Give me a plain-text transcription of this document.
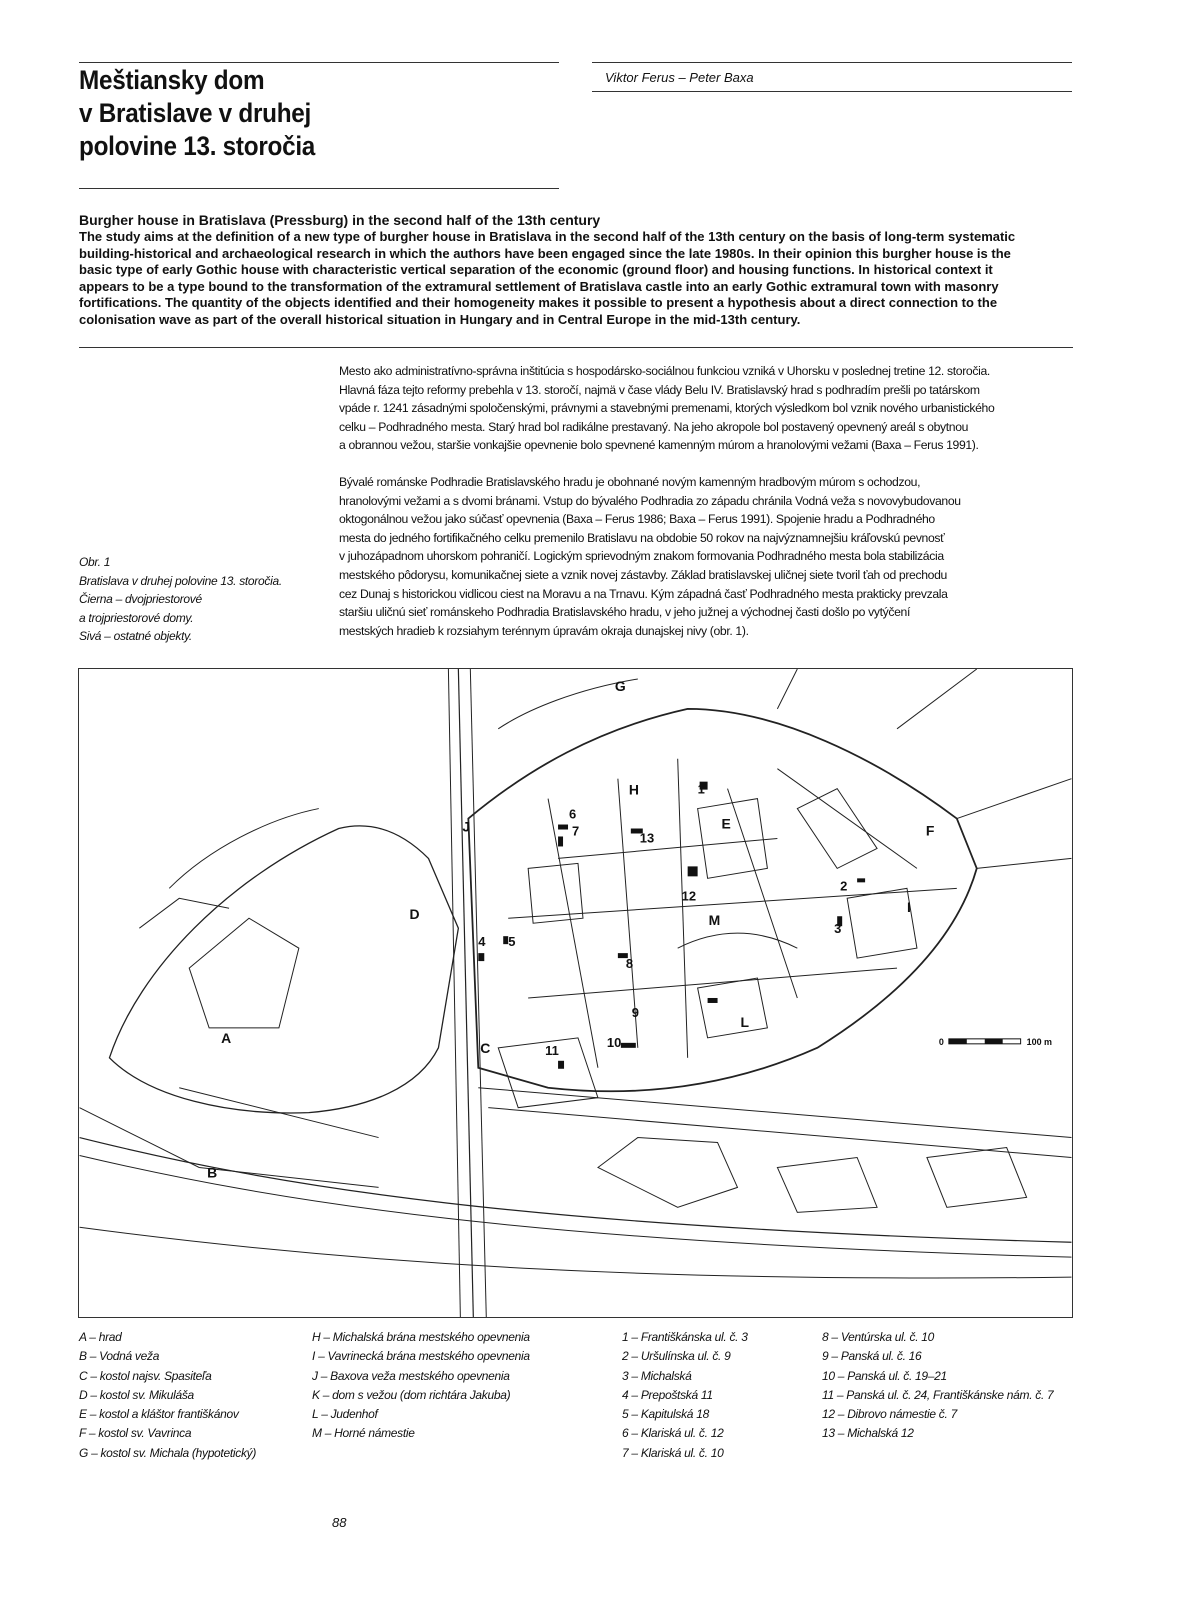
Meštiansky dom
v Bratislave v druhej
polovine 13. storočia
Viktor Ferus – Peter Baxa
Burgher house in Bratislava (Pressburg) in the second half of the 13th century
The study aims at the definition of a new type of burgher house in Bratislava in the second half of the 13th century on the basis of long-term systematic
building-historical and archaeological research in which the authors have been engaged since the late 1980s. In their opinion this burgher house is the
basic type of early Gothic house with characteristic vertical separation of the economic (ground floor) and housing functions. In historical context it
appears to be a type bound to the transformation of the extramural settlement of Bratislava castle into an early Gothic extramural town with masonry
fortifications. The quantity of the objects identified and their homogeneity makes it possible to present a hypothesis about a direct connection to the
colonisation wave as part of the overall historical situation in Hungary and in Central Europe in the mid-13th century.
Mesto ako administratívno-správna inštitúcia s hospodársko-sociálnou funkciou vzniká v Uhorsku v poslednej tretine 12. storočia.
Hlavná fáza tejto reformy prebehla v 13. storočí, najmä v čase vlády Belu IV. Bratislavský hrad s podhradím prešli po tatárskom
vpáde r. 1241 zásadnými spoločenskými, právnymi a stavebnými premenami, ktorých výsledkom bol vznik nového urbanistického
celku – Podhradného mesta. Starý hrad bol radikálne prestavaný. Na jeho akropole bol postavený opevnený areál s obytnou
a obrannou vežou, staršie vonkajšie opevnenie bolo spevnené kamenným múrom a hranolovými vežami (Baxa – Ferus 1991).
Bývalé románske Podhradie Bratislavského hradu je obohnané novým kamenným hradbovým múrom s ochodzou,
hranolovými vežami a s dvomi bránami. Vstup do bývalého Podhradia zo západu chránila Vodná veža s novovybudovanou
oktogonálnou vežou jako súčasť opevnenia (Baxa – Ferus 1986; Baxa – Ferus 1991). Spojenie hradu a Podhradného
mesta do jedného fortifikačného celku premenilo Bratislavu na obdobie 50 rokov na najvýznamnejšiu kráľovskú pevnosť
v juhozápadnom uhorskom pohraničí. Logickým sprievodným znakom formovania Podhradného mesta bola stabilizácia
mestského pôdorysu, komunikačnej siete a vznik novej zástavby. Základ bratislavskej uličnej siete tvoril ťah od prechodu
cez Dunaj s historickou vidlicou ciest na Moravu a na Trnavu. Kým západná časť Podhradného mesta prakticky prevzala
staršiu uličnú sieť románskeho Podhradia Bratislavského hradu, v jeho južnej a východnej časti došlo po vytýčení
mestských hradieb k rozsiahym terénnym úpravám okraja dunajskej nivy (obr. 1).
Obr. 1
Bratislava v druhej polovine 13. storočia.
Čierna – dvojpriestorové
a trojpriestorové domy.
Sivá – ostatné objekty.
G
H
J	E	F
D	M
A
C
L
B
I
1
2
3
4 5
6
7
8
9
10
11
12
13
0	100 m
A – hrad
B – Vodná veža
C – kostol najsv. Spasiteľa
D – kostol sv. Mikuláša
E – kostol a kláštor františkánov
F – kostol sv. Vavrinca
G – kostol sv. Michala (hypotetický)
H – Michalská brána mestského opevnenia
I – Vavrinecká brána mestského opevnenia
J – Baxova veža mestského opevnenia
K – dom s vežou (dom richtára Jakuba)
L – Judenhof
M – Horné námestie
1 – Františkánska ul. č. 3
2 – Uršulínska ul. č. 9
3 – Michalská
4 – Prepoštská 11
5 – Kapitulská 18
6 – Klariská ul. č. 12
7 – Klariská ul. č. 10
8 – Ventúrska ul. č. 10
9 – Panská ul. č. 16
10 – Panská ul. č. 19–21
11 – Panská ul. č. 24, Františkánske nám. č. 7
12 – Dibrovo námestie č. 7
13 – Michalská 12
88
